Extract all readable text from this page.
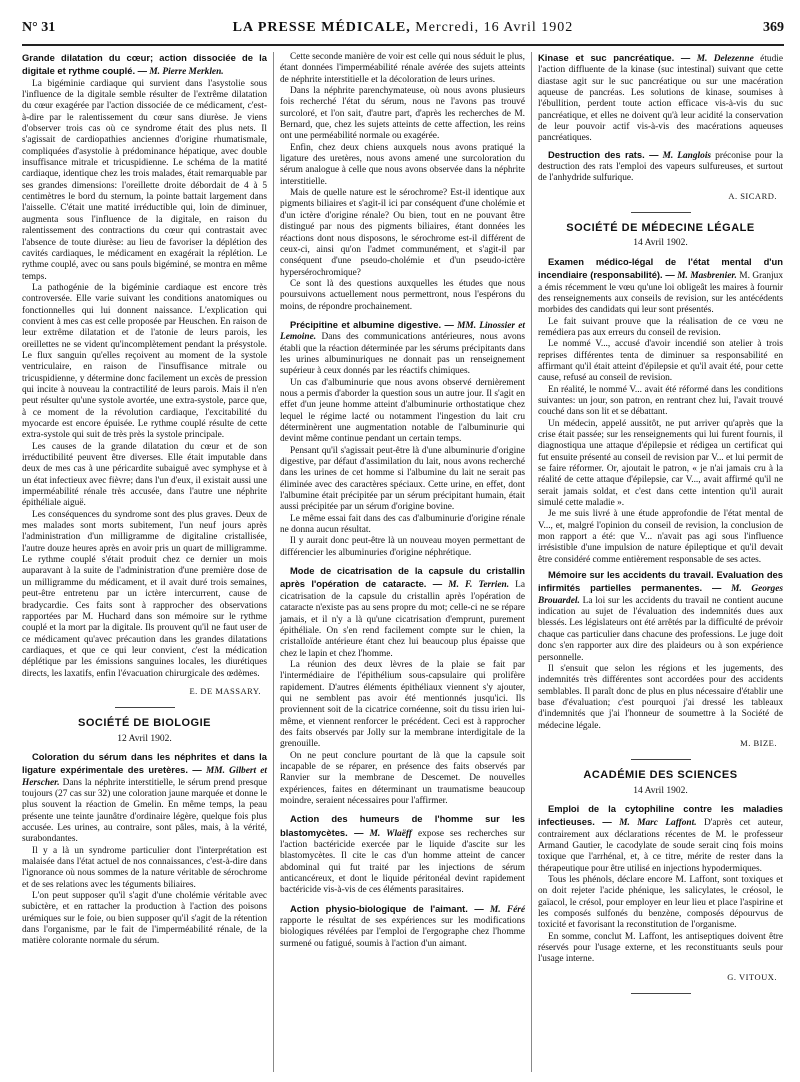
N° 31	LA PRESSE MÉDICALE, Mercredi, 16 Avril 1902	369

Grande dilatation du cœur; action dissociée de la digitale et rythme couplé. — M. Pierre Merklen.

La bigéminie cardiaque qui survient dans l'asystolie sous l'influence de la digitale semble résulter de l'extrême dilatation du cœur exagérée par l'action dissociée de ce médicament, c'est-à-dire par le ralentissement du cœur sans diurèse. Je viens d'observer trois cas où ce syndrome était des plus nets. Il s'agissait de cardiopathies anciennes d'origine rhumatismale, compliquées d'asystolie à prédominance hépatique, avec double insuffisance mitrale et tricuspidienne. Le schéma de la matité cardiaque, identique chez les trois malades, était remarquable par ses grandes dimensions: l'oreillette droite débordait de 4 à 5 centimètres le bord du sternum, la pointe battait largement dans l'aisselle. C'était une matité irréductible qui, loin de diminuer, augmenta sous l'influence de la digitale, en raison du ralentissement des contractions du cœur qui contrastait avec l'absence de toute diurèse: au lieu de favoriser la déplétion des cavités cardiaques, le médicament en exagérait la réplétion. Le rythme couplé, avec ou sans pouls bigéminé, se montra en même temps.

La pathogénie de la bigéminie cardiaque est encore très controversée. Elle varie suivant les conditions anatomiques ou fonctionnelles qui lui donnent naissance. L'explication qui convient à mes cas est celle proposée par Heuschen. En raison de leur extrême dilatation et de l'atonie de leurs parois, les oreillettes ne se vident qu'incomplètement pendant la présystole. Le flux sanguin qu'elles reçoivent au moment de la systole ventriculaire, en raison de l'insuffisance mitrale ou tricuspidienne, y détermine donc facilement un excès de pression qui incite à nouveau la contractilité de leurs parois. Mais il n'en peut résulter qu'une systole avortée, une extra-systole, parce que, à ce moment de la révolution cardiaque, l'excitabilité du myocarde est encore épuisée. Le rythme couplé résulte de cette extra-systole qui suit de très près la systole principale.

Les causes de la grande dilatation du cœur et de son irréductibilité peuvent être diverses. Elle était imputable dans deux de mes cas à une péricardite subaiguë avec symphyse et à un état infectieux avec fièvre; dans l'un d'eux, il existait aussi une imperméabilité rénale très accusée, dans l'autre une néphrite épithéliale aiguë.

Les conséquences du syndrome sont des plus graves. Deux de mes malades sont morts subitement, l'un neuf jours après l'administration d'un milligramme de digitaline cristallisée, l'autre douze heures après en avoir pris un quart de milligramme. Le rythme couplé s'était produit chez ce dernier un mois auparavant à la suite de l'administration d'une première dose de un milligramme du médicament, et il avait duré trois semaines, peut-être entretenu par un ictère intercurrent, cause de bradycardie. Ces faits sont à rapprocher des observations rapportées par M. Huchard dans son mémoire sur le rythme couplé et la mort par la digitale. Ils prouvent qu'il ne faut user de ce médicament qu'avec précaution dans les grandes dilatations cardiaques, et que ce qui leur convient, c'est la médication déplétique par les émissions sanguines locales, les diurétiques directs, les laxatifs, enfin l'évacuation chirurgicale des œdèmes.

E. DE MASSARY.
SOCIÉTÉ DE BIOLOGIE
12 Avril 1902.

Coloration du sérum dans les néphrites et dans la ligature expérimentale des uretères. — MM. Gilbert et Herscher. Dans la néphrite interstitielle, le sérum prend presque toujours (27 cas sur 32) une coloration jaune marquée et donne le plus souvent la réaction de Gmelin. En même temps, la peau présente une teinte jaunâtre d'ordinaire légère, quelque fois plus accusée. Les urines, au contraire, sont pâles, mais, à la vérité, surabondantes.

Il y a là un syndrome particulier dont l'interprétation est malaisée dans l'état actuel de nos connaissances, c'est-à-dire dans l'ignorance où nous sommes de la nature véritable de sérochrome et de ses relations avec les téguments biliaires.

L'on peut supposer qu'il s'agit d'une cholémie véritable avec subictère, et en rattacher la production à l'action des poisons urémiques sur le foie, ou bien supposer qu'il s'agit de la rétention dans l'organisme, par le fait de l'imperméabilité rénale, de la matière colorante normale du sérum.

Cette seconde manière de voir est celle qui nous séduit le plus, étant données l'imperméabilité rénale avérée des sujets atteints de néphrite interstitielle et la décoloration de leurs urines.

Dans la néphrite parenchymateuse, où nous avons plusieurs fois recherché l'état du sérum, nous ne l'avons pas trouvé surcoloré, et l'on sait, d'autre part, d'après les recherches de M. Bernard, que, chez les sujets atteints de cette affection, les reins ont une perméabilité normale ou exagérée.

Enfin, chez deux chiens auxquels nous avons pratiqué la ligature des uretères, nous avons amené une surcoloration du sérum analogue à celle que nous avons observée dans la néphrite interstitielle.

Mais de quelle nature est le sérochrome? Est-il identique aux pigments biliaires et s'agit-il ici par conséquent d'une cholémie et d'un ictère d'origine rénale? Ou bien, tout en ne pouvant être distingué par nous des pigments biliaires, étant données les réactions dont nous disposons, le sérochrome est-il différent de ceux-ci, ainsi qu'on l'admet communément, et s'agit-il par conséquent d'une pseudo-cholémie et d'un pseudo-ictère hypersérochromique?

Ce sont là des questions auxquelles les études que nous poursuivons actuellement nous permettront, nous l'espérons du moins, de répondre prochainement.

Précipitine et albumine digestive. — MM. Linossier et Lemoine. Dans des communications antérieures, nous avons établi que la réaction déterminée par les sérums précipitants dans les urines albuminuriques ne donnait pas un renseignement supérieur à ceux donnés par les réactifs chimiques.

Un cas d'albuminurie que nous avons observé dernièrement nous a permis d'aborder la question sous un autre jour. Il s'agit en effet d'un jeune homme atteint d'albuminurie orthostatique chez lequel le régime lacté ou notamment l'ingestion du lait cru déterminèrent une augmentation notable de l'albuminurie qui devint même continue pendant un certain temps.

Pensant qu'il s'agissait peut-être là d'une albuminurie d'origine digestive, par défaut d'assimilation du lait, nous avons recherché dans les urines de cet homme si l'albumine du lait ne serait pas éliminée avec des caractères spéciaux. Cette urine, en effet, dont l'albumine était précipitée par un sérum précipitant humain, était aussi précipitée par un sérum d'origine bovine.

Le même essai fait dans des cas d'albuminurie d'origine rénale ne donna aucun résultat.

Il y aurait donc peut-être là un nouveau moyen permettant de différencier les albuminuries d'origine néphrétique.

Mode de cicatrisation de la capsule du cristallin après l'opération de cataracte. — M. F. Terrien. La cicatrisation de la capsule du cristallin après l'opération de cataracte n'existe pas au sens propre du mot; celle-ci ne se répare jamais, et il n'y a là qu'une cicatrisation d'emprunt, purement épithéliale. On s'en rend facilement compte sur le chien, la cristalloïde antérieure étant chez lui beaucoup plus épaisse que chez le lapin et chez l'homme.

La réunion des deux lèvres de la plaie se fait par l'intermédiaire de l'épithélium sous-capsulaire qui prolifère rapidement. D'autres éléments épithéliaux viennent s'y ajouter, qui ne semblent pas avoir été mentionnés jusqu'ici. Ils proviennent soit de la cicatrice cornéenne, soit du tissu irien lui-même, et viennent renforcer le précédent. Ceci est à rapprocher des faits observés par Jolly sur la membrane interdigitale de la grenouille.

On ne peut conclure pourtant de là que la capsule soit incapable de se réparer, en présence des faits observés par Ranvier sur la membrane de Descemet. De nouvelles expériences, faites en déterminant un traumatisme beaucoup moindre, seraient nécessaires pour l'affirmer.

Action des humeurs de l'homme sur les blastomycètes. — M. Wlaëff expose ses recherches sur l'action bactéricide exercée par le liquide d'ascite sur les blastomycètes. Il cite le cas d'un homme atteint de cancer abdominal qui fut traité par les injections de sérum anticancéreux, et dont le liquide péritonéal devint rapidement bactéricide vis-à-vis de ces éléments parasitaires.

Action physio-biologique de l'aimant. — M. Féré rapporte le résultat de ses expériences sur les modifications biologiques révélées par l'emploi de l'ergographe chez l'homme surmené ou fatigué, soumis à l'action d'un aimant.

Kinase et suc pancréatique. — M. Delezenne étudie l'action diffluente de la kinase (suc intestinal) suivant que cette diastase agit sur le suc pancréatique ou sur une macération aqueuse de pancréas. Les solutions de kinase, soumises à l'ébullition, perdent toute action efficace vis-à-vis du suc pancréatique, et elles ne doivent qu'à leur acidité la conservation de leur pouvoir actif vis-à-vis des macérations aqueuses pancréatiques.

Destruction des rats. — M. Langlois préconise pour la destruction des rats l'emploi des vapeurs sulfureuses, et surtout de l'anhydride sulfurique.

A. SICARD.
SOCIÉTÉ DE MÉDECINE LÉGALE
14 Avril 1902.

Examen médico-légal de l'état mental d'un incendiaire (responsabilité). — M. Masbrenier. M. Granjux a émis récemment le vœu qu'une loi obligeât les maires à fournir des renseignements aux conseils de revision, sur les antécédents morbides des candidats qui leur sont présentés.

Le fait suivant prouve que la réalisation de ce vœu ne remédiera pas aux erreurs du conseil de revision.

Le nommé V..., accusé d'avoir incendié son atelier à trois reprises différentes tenta de diminuer sa responsabilité en affirmant qu'il était atteint d'épilepsie et qu'il avait été, pour cette cause, refusé au conseil de revision.

En réalité, le nommé V... avait été réformé dans les conditions suivantes: un jour, son patron, en rentrant chez lui, l'avait trouvé couché dans son lit et se débattant.

Un médecin, appelé aussitôt, ne put arriver qu'après que la crise était passée; sur les renseignements qui lui furent fournis, il diagnostiqua une attaque d'épilepsie et rédigea un certificat qui fut ensuite présenté au conseil de revision par V... et lui permit de se faire réformer. Or, ajoutait le patron, « je n'ai jamais cru à la réalité de cette attaque d'épilepsie, car V..., avait affirmé qu'il ne serait jamais soldat, et c'est dans cette intention qu'il aurait simulé cette maladie ».

Je me suis livré à une étude approfondie de l'état mental de V..., et, malgré l'opinion du conseil de revision, la conclusion de mon rapport a été: que V... n'avait pas agi sous l'influence irrésistible d'une impulsion de nature épileptique et qu'il devait être considéré comme entièrement responsable de ses actes.

Mémoire sur les accidents du travail. Evaluation des infirmités partielles permanentes. — M. Georges Brouardel. La loi sur les accidents du travail ne contient aucune indication au sujet de l'évaluation des indemnités dues aux blessés. Les législateurs ont été arrêtés par la difficulté de prévoir chaque cas particulier dans chacune des professions. Le juge doit donc s'en rapporter aux dire des plaideurs ou à son expérience personnelle.

Il s'ensuit que selon les régions et les jugements, des indemnités très différentes sont accordées pour des accidents semblables. Il paraît donc de plus en plus nécessaire d'établir une base d'évaluation; c'est pourquoi j'ai dressé les tableaux d'indemnités que j'ai l'honneur de soumettre à la Société de médecine légale.

M. BIZE.
ACADÉMIE DES SCIENCES
14 Avril 1902.

Emploi de la cytophiline contre les maladies infectieuses. — M. Marc Laffont. D'après cet auteur, contrairement aux déclarations récentes de M. le professeur Armand Gautier, le cacodylate de soude serait cinq fois moins toxique que l'arrhénal, et, à ce titre, mérite de rester dans la thérapeutique pour être utilisé en injections hypodermiques.

Tous les phénols, déclare encore M. Laffont, sont toxiques et on doit rejeter l'acide phénique, les salicylates, le créosol, le gaïacol, le crésol, pour employer en leur lieu et place l'aspirine et les composés sulfonés du benzène, composés dépourvus de toxicité et favorisant la reconstitution de l'organisme.

En somme, conclut M. Laffont, les antiseptiques doivent être réservés pour l'usage externe, et les reconstituants seuls pour l'usage interne.

G. VITOUX.
